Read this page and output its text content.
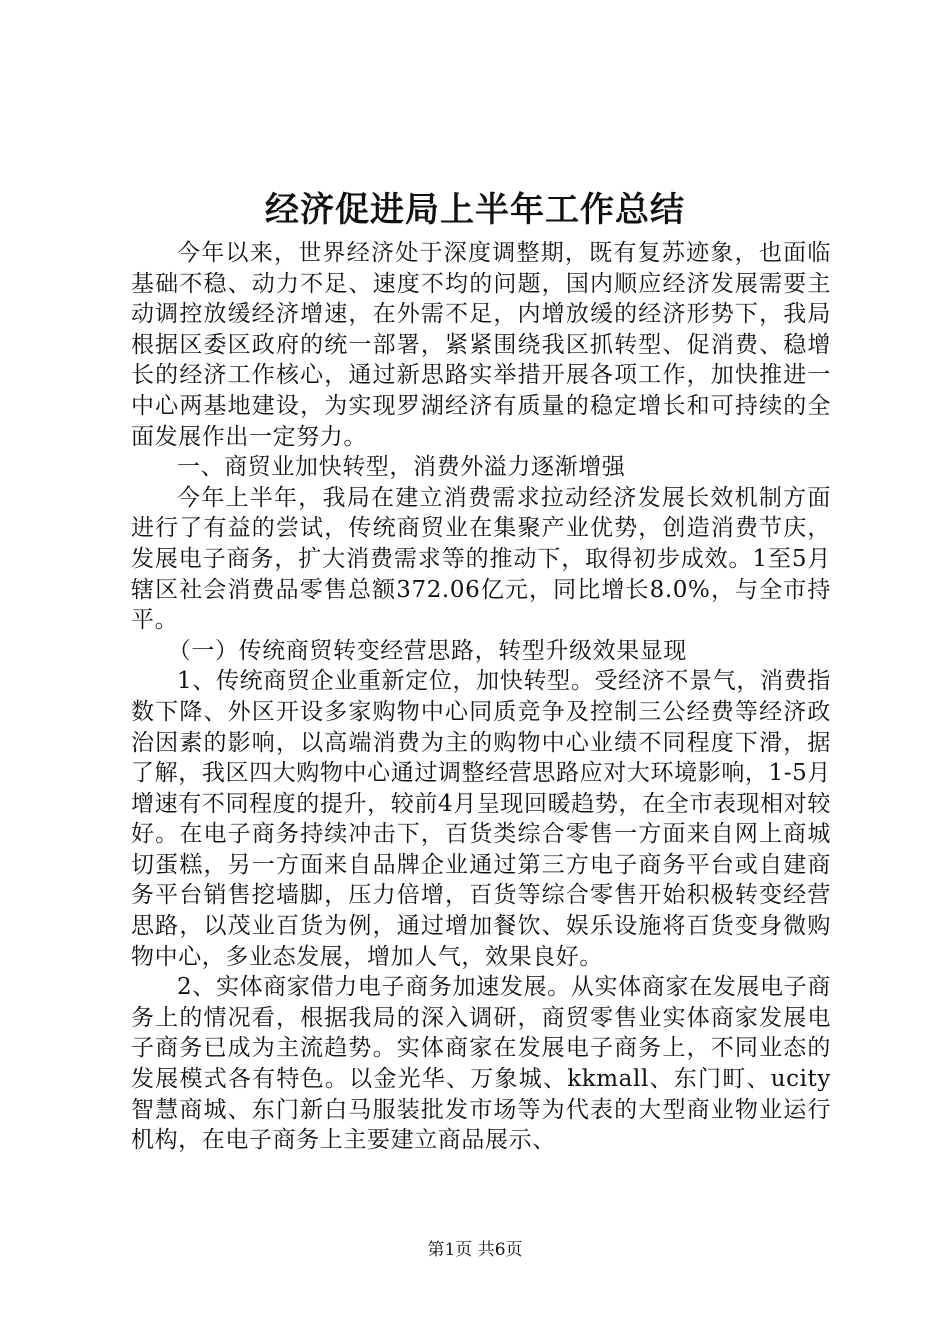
经济促进局上半年工作总结

今年以来，世界经济处于深度调整期，既有复苏迹象，也面临基础不稳、动力不足、速度不均的问题，国内顺应经济发展需要主动调控放缓经济增速，在外需不足，内增放缓的经济形势下，我局根据区委区政府的统一部署，紧紧围绕我区抓转型、促消费、稳增长的经济工作核心，通过新思路实举措开展各项工作，加快推进一中心两基地建设，为实现罗湖经济有质量的稳定增长和可持续的全面发展作出一定努力。

一、商贸业加快转型，消费外溢力逐渐增强

今年上半年，我局在建立消费需求拉动经济发展长效机制方面进行了有益的尝试，传统商贸业在集聚产业优势，创造消费节庆，发展电子商务，扩大消费需求等的推动下，取得初步成效。1至5月辖区社会消费品零售总额372.06亿元，同比增长8.0%，与全市持平。

（一）传统商贸转变经营思路，转型升级效果显现

1、传统商贸企业重新定位，加快转型。受经济不景气，消费指数下降、外区开设多家购物中心同质竞争及控制三公经费等经济政治因素的影响，以高端消费为主的购物中心业绩不同程度下滑，据了解，我区四大购物中心通过调整经营思路应对大环境影响，1-5月增速有不同程度的提升，较前4月呈现回暖趋势，在全市表现相对较好。在电子商务持续冲击下，百货类综合零售一方面来自网上商城切蛋糕，另一方面来自品牌企业通过第三方电子商务平台或自建商务平台销售挖墙脚，压力倍增，百货等综合零售开始积极转变经营思路，以茂业百货为例，通过增加餐饮、娱乐设施将百货变身微购物中心，多业态发展，增加人气，效果良好。

2、实体商家借力电子商务加速发展。从实体商家在发展电子商务上的情况看，根据我局的深入调研，商贸零售业实体商家发展电子商务已成为主流趋势。实体商家在发展电子商务上，不同业态的发展模式各有特色。以金光华、万象城、kkmall、东门町、ucity智慧商城、东门新白马服装批发市场等为代表的大型商业物业运行机构，在电子商务上主要建立商品展示、

第1页 共6页
